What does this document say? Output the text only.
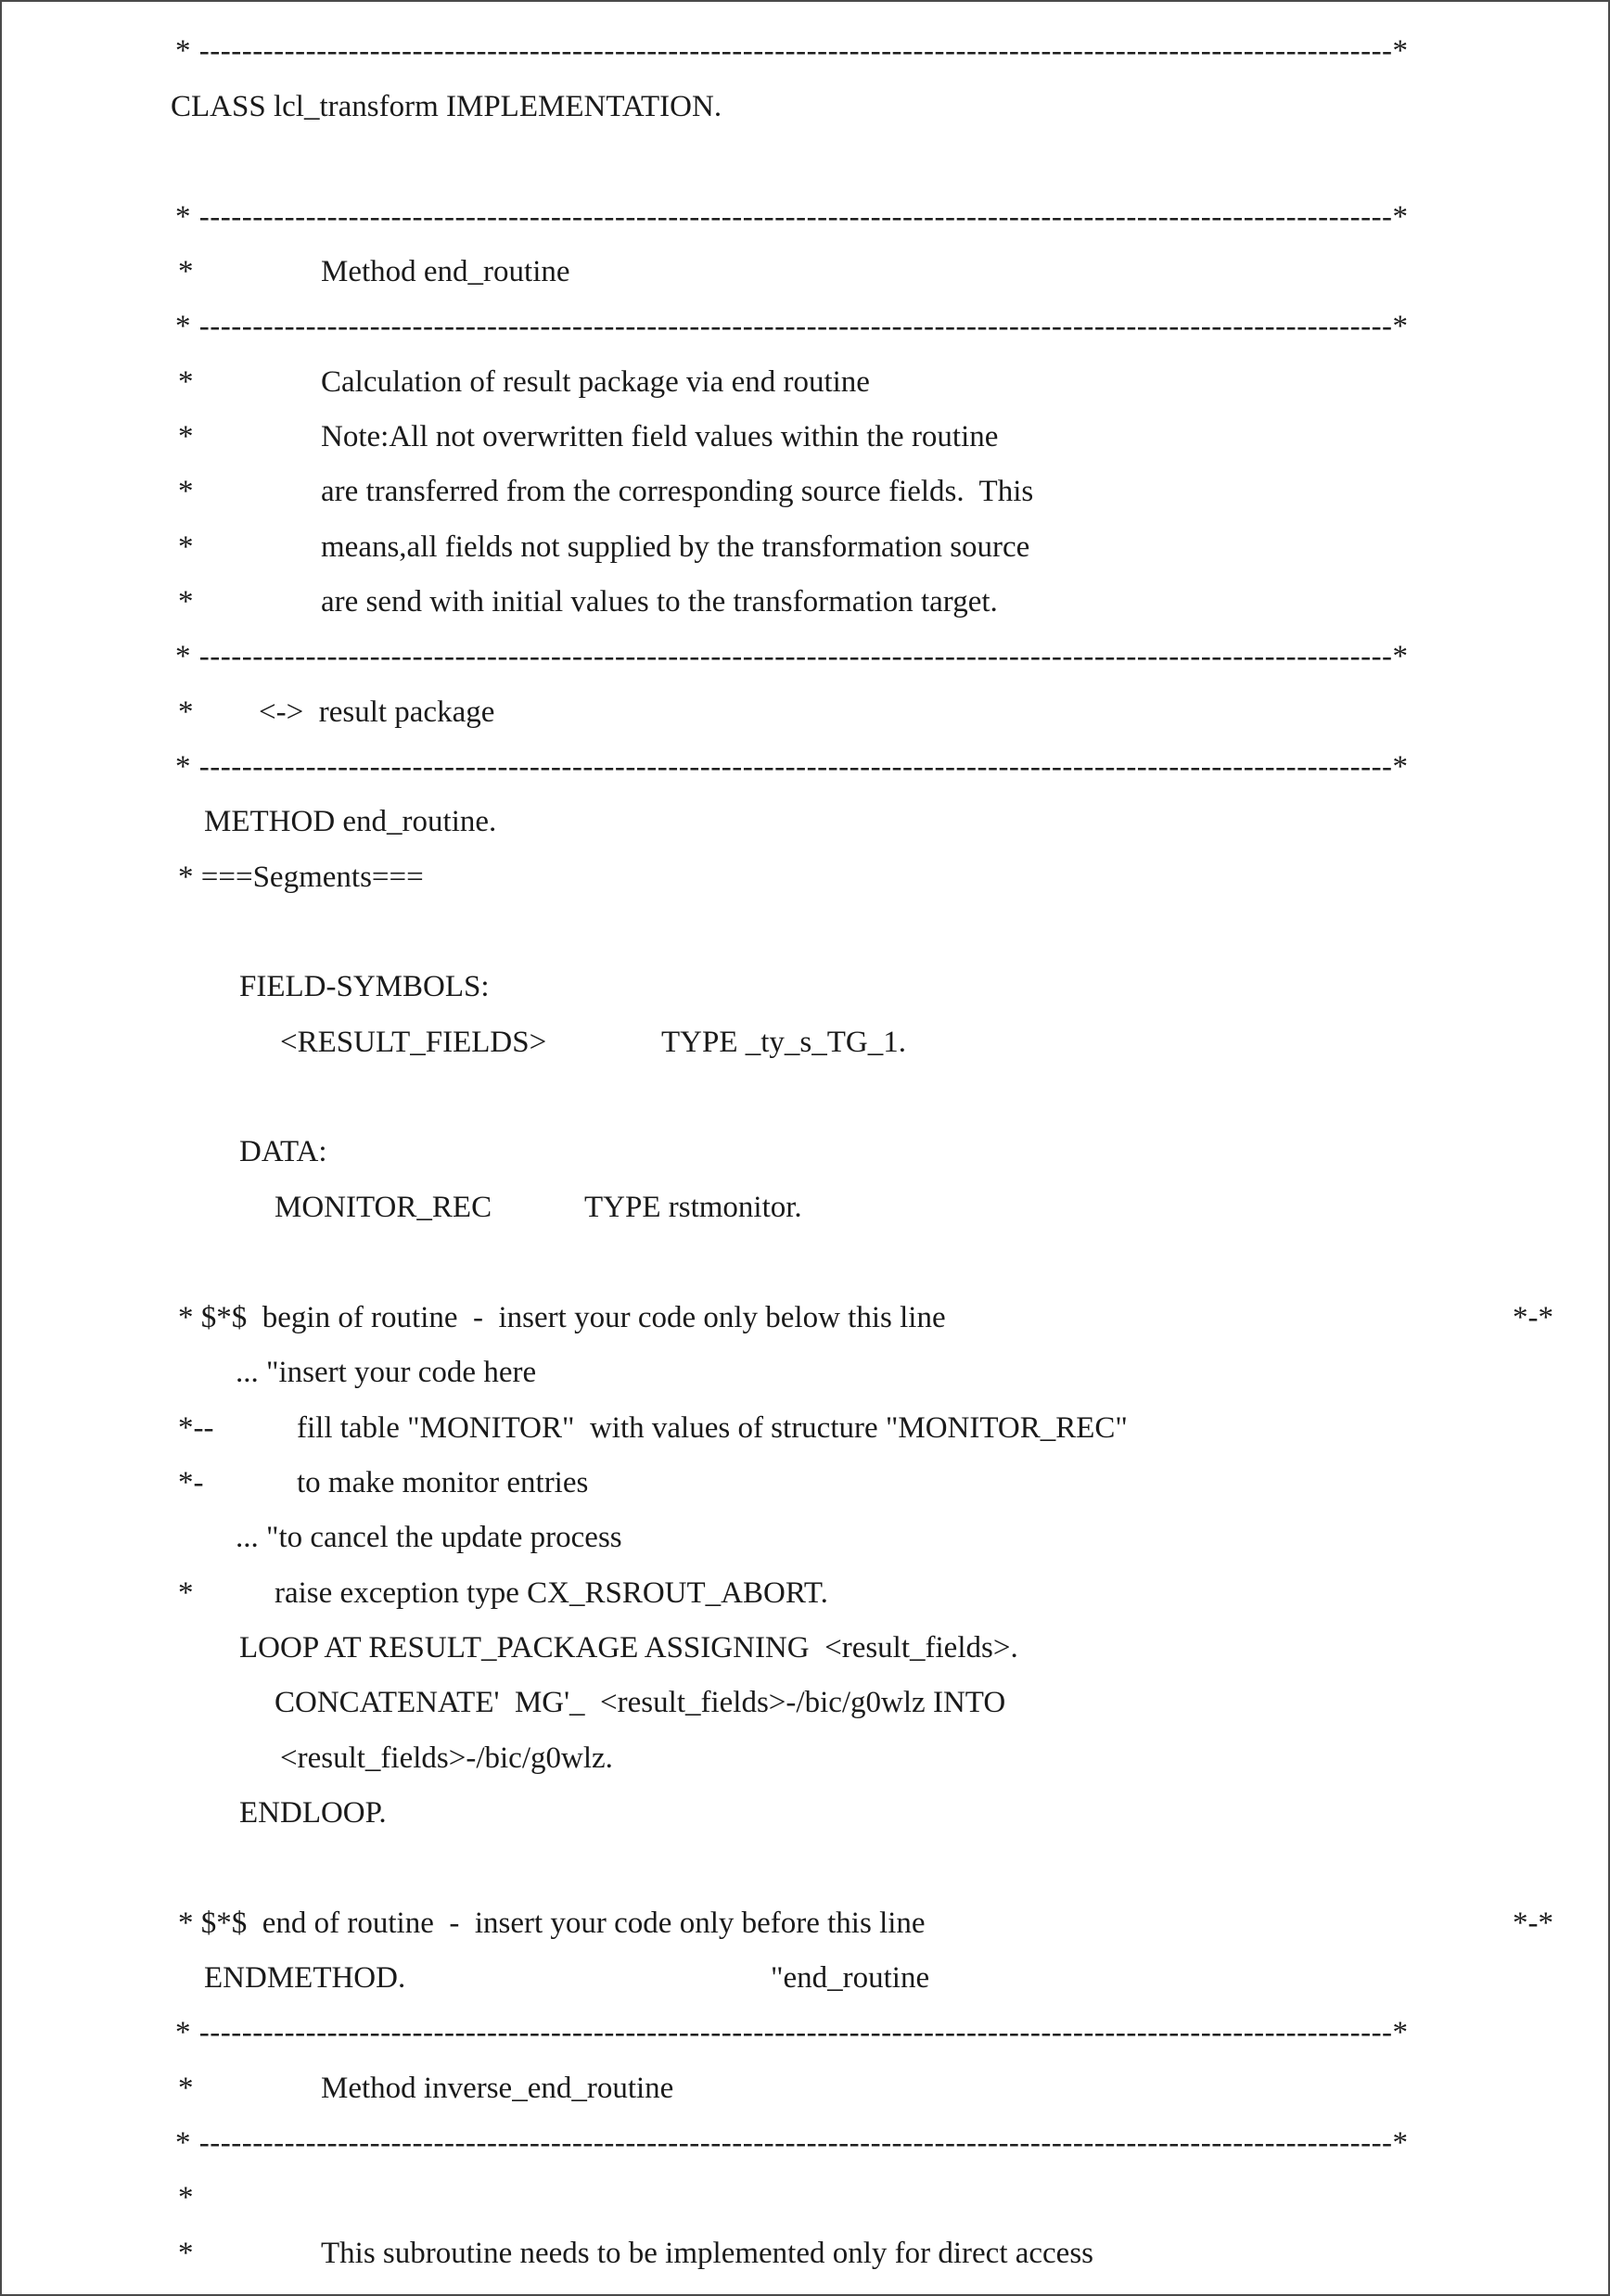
* ----------------------------------------------------------------------------------------------------------------*
CLASS lcl_transform IMPLEMENTATION.
* ----------------------------------------------------------------------------------------------------------------*
*	Method end_routine
* ----------------------------------------------------------------------------------------------------------------*
*	Calculation of result package via end routine
*	Note:All not overwritten field values within the routine
*	are transferred from the corresponding source fields.  This
*	means,all fields not supplied by the transformation source
*	are send with initial values to the transformation target.
* ----------------------------------------------------------------------------------------------------------------*
* <->  result package
* ----------------------------------------------------------------------------------------------------------------*
METHOD end_routine.
* ===Segments===
FIELD-SYMBOLS:
<RESULT_FIELDS>	TYPE _ty_s_TG_1.
DATA:
MONITOR_REC	TYPE rstmonitor.
* $*$  begin of routine  -  insert your code only below this line	*-*
... "insert your code here
*--	fill table "MONITOR"  with values of structure "MONITOR_REC"
*-	to make monitor entries
... "to cancel the update process
*	raise exception type CX_RSROUT_ABORT.
LOOP AT RESULT_PACKAGE ASSIGNING  <result_fields>.
CONCATENATE'  MG'_  <result_fields>-/bic/g0wlz INTO
<result_fields>-/bic/g0wlz.
ENDLOOP.
* $*$  end of routine  -  insert your code only before this line	*-*
ENDMETHOD.	"end_routine
* ----------------------------------------------------------------------------------------------------------------*
*	Method inverse_end_routine
* ----------------------------------------------------------------------------------------------------------------*
*
*	This subroutine needs to be implemented only for direct access
